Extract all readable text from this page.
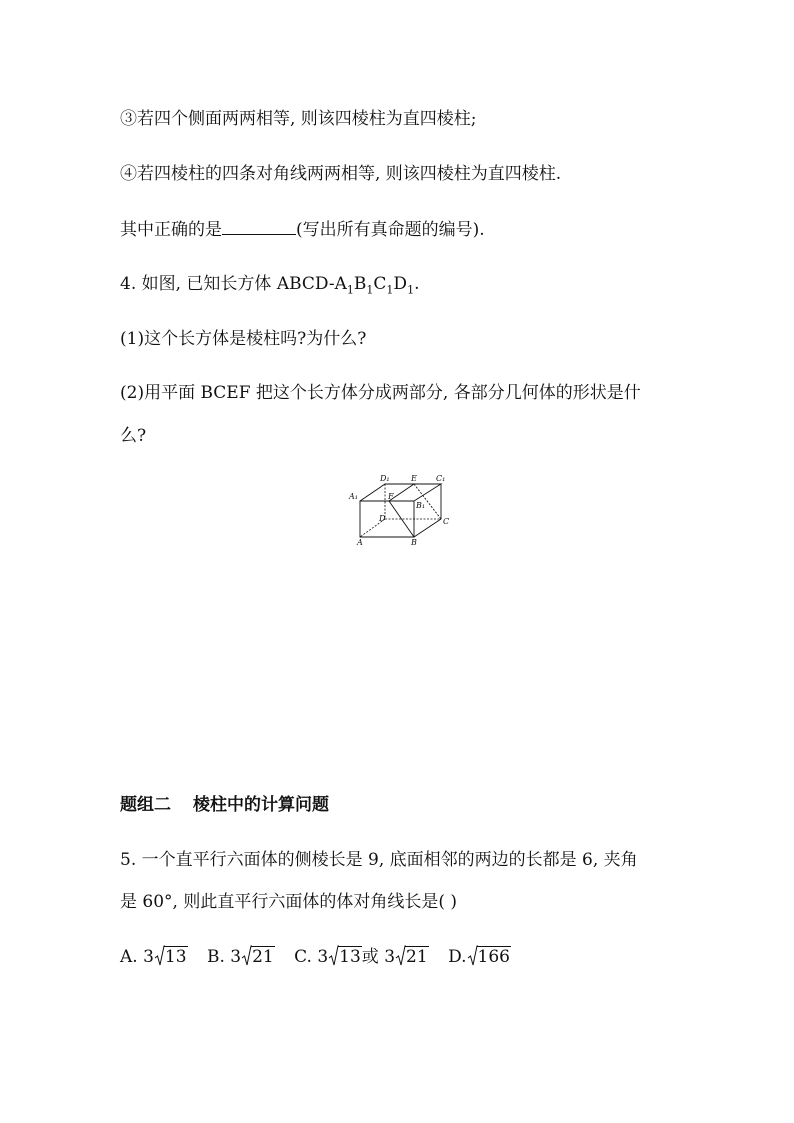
③若四个侧面两两相等, 则该四棱柱为直四棱柱;
④若四棱柱的四条对角线两两相等, 则该四棱柱为直四棱柱.
其中正确的是	(写出所有真命题的编号).
4. 如图, 已知长方体 ABCD-$A_1B_1C_1D_1$.
(1)这个长方体是棱柱吗?为什么?
(2)用平面 BCEF 把这个长方体分成两部分, 各部分几何体的形状是什
么?
A₁
D₁	E C₁
F
B₁
D	C
A	B
题组二 棱柱中的计算问题
5. 一个直平行六面体的侧棱长是 9, 底面相邻的两边的长都是 6, 夹角
是 60°, 则此直平行六面体的体对角线长是( )
A. 3 13 B. 3 21 C. 3 13或 3 21 D. 166
